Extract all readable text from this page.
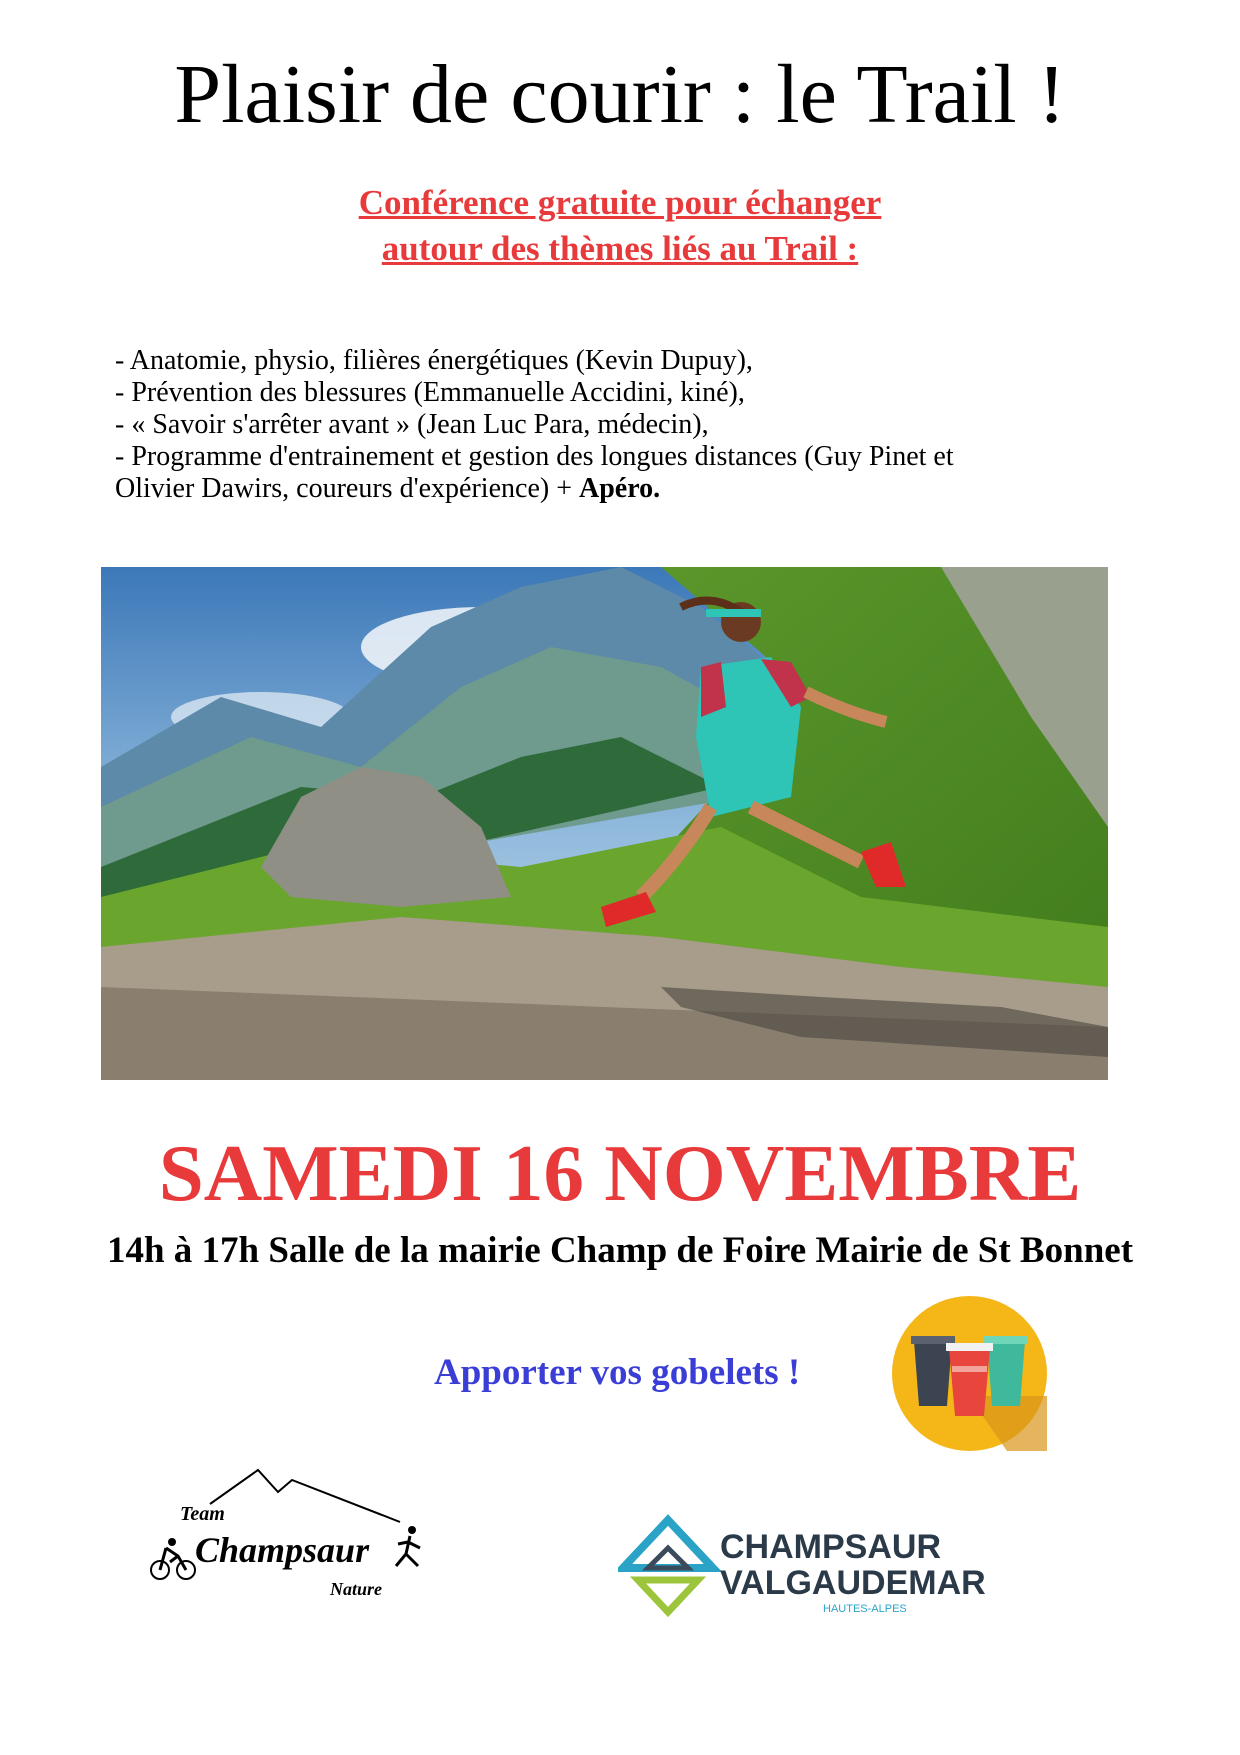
Plaisir de courir : le Trail !
Conférence gratuite pour échanger
autour des thèmes liés au Trail :
- Anatomie, physio, filières énergétiques (Kevin Dupuy),
- Prévention des blessures (Emmanuelle Accidini, kiné),
- « Savoir s'arrêter avant » (Jean Luc Para, médecin),
- Programme d'entrainement et gestion des longues distances (Guy Pinet et
Olivier Dawirs, coureurs d'expérience) + Apéro.
SAMEDI 16 NOVEMBRE
14h à 17h Salle de la mairie Champ de Foire Mairie de St Bonnet
Apporter vos gobelets !
Team
Champsaur
Nature
CHAMPSAUR
VALGAUDEMAR
HAUTES-ALPES
